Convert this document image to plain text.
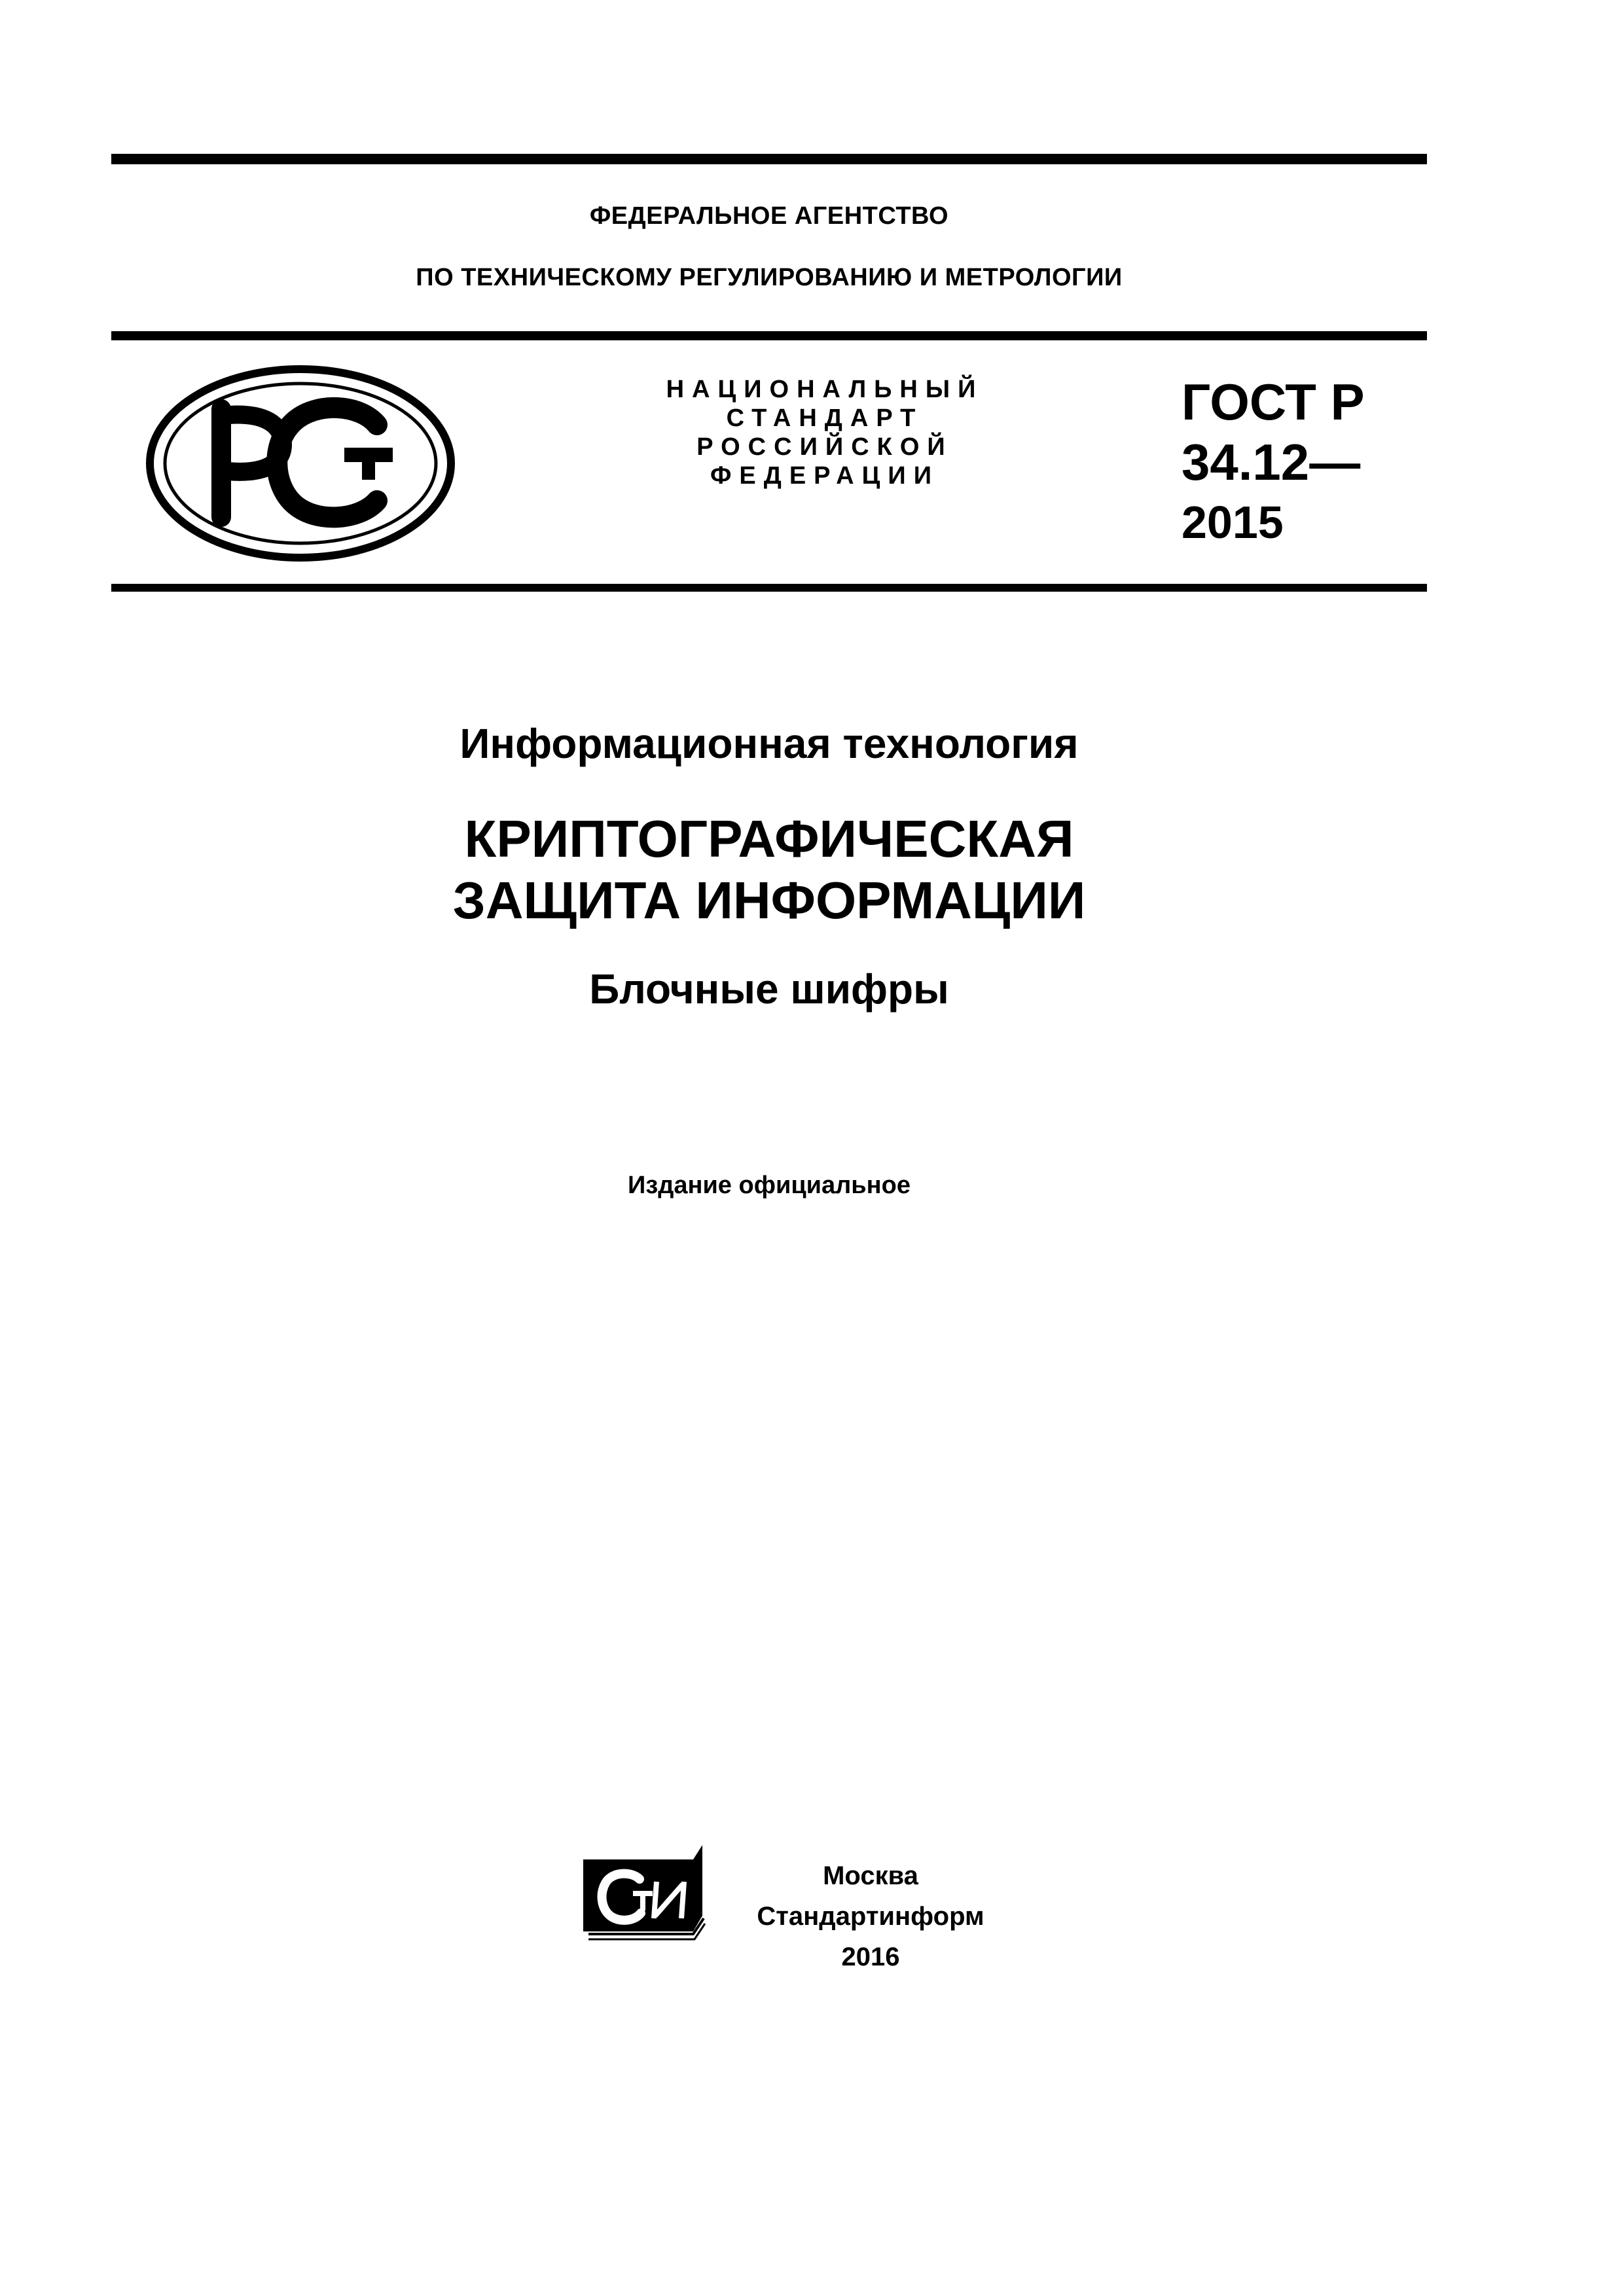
ФЕДЕРАЛЬНОЕ АГЕНТСТВО
ПО ТЕХНИЧЕСКОМУ РЕГУЛИРОВАНИЮ И МЕТРОЛОГИИ
НАЦИОНАЛЬНЫЙ
СТАНДАРТ
РОССИЙСКОЙ
ФЕДЕРАЦИИ
ГОСТ Р
34.12—
2015
Информационная технология
КРИПТОГРАФИЧЕСКАЯ
ЗАЩИТА ИНФОРМАЦИИ
Блочные шифры
Издание официальное
Москва
Стандартинформ
2016
